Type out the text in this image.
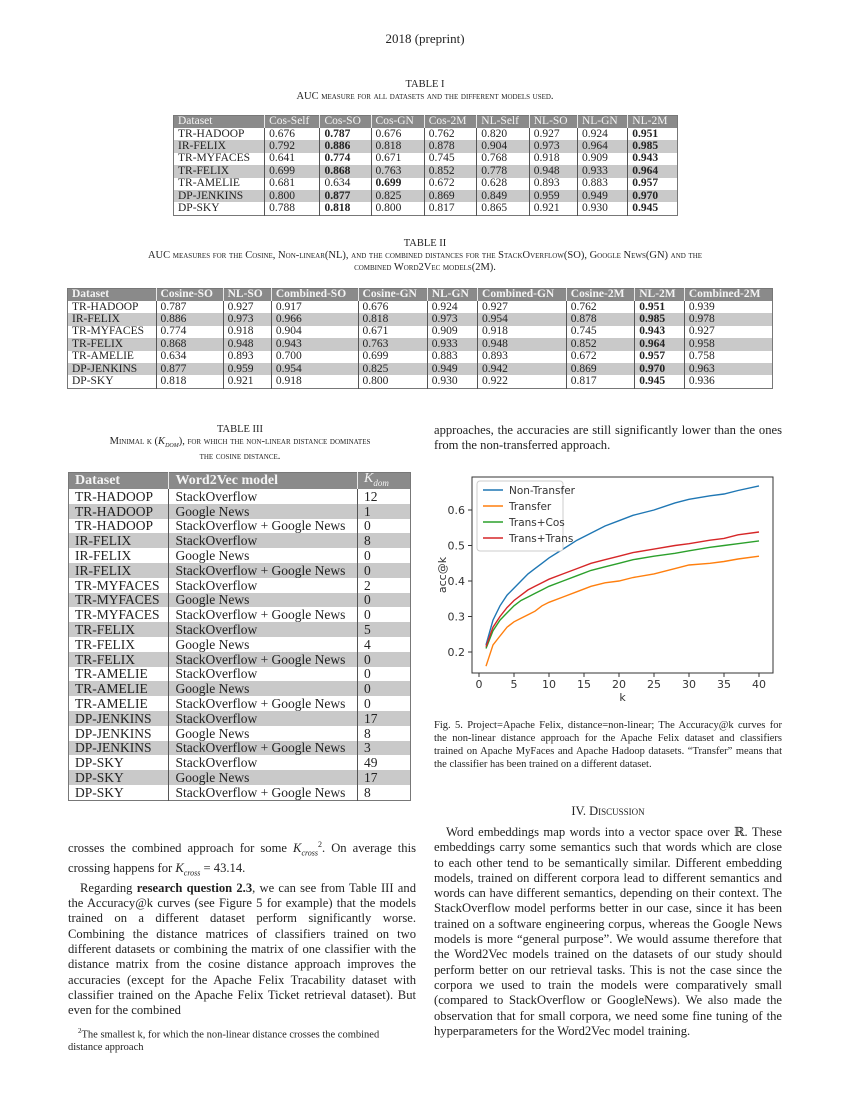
2018 (preprint)
TABLE I
AUC measure for all datasets and the different models used.
Dataset	Cos-Self	Cos-SO	Cos-GN	Cos-2M	NL-Self	NL-SO	NL-GN	NL-2M
TR-HADOOP	0.676	0.787	0.676	0.762	0.820	0.927	0.924	0.951
IR-FELIX	0.792	0.886	0.818	0.878	0.904	0.973	0.964	0.985
TR-MYFACES	0.641	0.774	0.671	0.745	0.768	0.918	0.909	0.943
TR-FELIX	0.699	0.868	0.763	0.852	0.778	0.948	0.933	0.964
TR-AMELIE	0.681	0.634	0.699	0.672	0.628	0.893	0.883	0.957
DP-JENKINS	0.800	0.877	0.825	0.869	0.849	0.959	0.949	0.970
DP-SKY	0.788	0.818	0.800	0.817	0.865	0.921	0.930	0.945
TABLE II
AUC measures for the Cosine, Non-linear(NL), and the combined distances for the StackOverflow(SO), Google News(GN) and the
combined Word2Vec models(2M).
Dataset	Cosine-SO	NL-SO	Combined-SO	Cosine-GN	NL-GN	Combined-GN	Cosine-2M	NL-2M	Combined-2M
TR-HADOOP	0.787	0.927	0.917	0.676	0.924	0.927	0.762	0.951	0.939
IR-FELIX	0.886	0.973	0.966	0.818	0.973	0.954	0.878	0.985	0.978
TR-MYFACES	0.774	0.918	0.904	0.671	0.909	0.918	0.745	0.943	0.927
TR-FELIX	0.868	0.948	0.943	0.763	0.933	0.948	0.852	0.964	0.958
TR-AMELIE	0.634	0.893	0.700	0.699	0.883	0.893	0.672	0.957	0.758
DP-JENKINS	0.877	0.959	0.954	0.825	0.949	0.942	0.869	0.970	0.963
DP-SKY	0.818	0.921	0.918	0.800	0.930	0.922	0.817	0.945	0.936
TABLE III
Minimal k $(K_{dom})$, for which the non-linear distance dominates
the cosine distance.
Dataset	Word2Vec model	$K_{dom}$
TR-HADOOP	StackOverflow	12
TR-HADOOP	Google News	1
TR-HADOOP	StackOverflow + Google News	0
IR-FELIX	StackOverflow	8
IR-FELIX	Google News	0
IR-FELIX	StackOverflow + Google News	0
TR-MYFACES	StackOverflow	2
TR-MYFACES	Google News	0
TR-MYFACES	StackOverflow + Google News	0
TR-FELIX	StackOverflow	5
TR-FELIX	Google News	4
TR-FELIX	StackOverflow + Google News	0
TR-AMELIE	StackOverflow	0
TR-AMELIE	Google News	0
TR-AMELIE	StackOverflow + Google News	0
DP-JENKINS	StackOverflow	17
DP-JENKINS	Google News	8
DP-JENKINS	StackOverflow + Google News	3
DP-SKY	StackOverflow	49
DP-SKY	Google News	17
DP-SKY	StackOverflow + Google News	8
crosses the combined approach for some $K_{cross}^2$. On average this crossing happens for $K_{cross} = 43.14$.
Regarding research question 2.3, we can see from Table III and the Accuracy@k curves (see Figure 5 for example) that the models trained on a different dataset perform significantly worse. Combining the distance matrices of classifiers trained on two different datasets or combining the matrix of one classifier with the distance matrix from the cosine distance approach improves the accuracies (except for the Apache Felix Tracability dataset with classifier trained on the Apache Felix Ticket retrieval dataset). But even for the combined
$^2$The smallest k, for which the non-linear distance crosses the combined distance approach
approaches, the accuracies are still significantly lower than the ones from the non-transferred approach.
0	5 10 15 20 25 30 35 40
0.2
0.3
0.4
0.5
0.6
k
acc@k
Non-Transfer
Transfer
Trans+Cos
Trans+Trans
Fig. 5. Project=Apache Felix, distance=non-linear; The Accuracy@k curves for the non-linear distance approach for the Apache Felix dataset and classifiers trained on Apache MyFaces and Apache Hadoop datasets. “Transfer” means that the classifier has been trained on a different dataset.
IV. Discussion
Word embeddings map words into a vector space over ℝ. These embeddings carry some semantics such that words which are close to each other tend to be semantically similar. Different embedding models, trained on different corpora lead to different semantics and words can have different semantics, depending on their context. The StackOverflow model performs better in our case, since it has been trained on a software engineering corpus, whereas the Google News models is more “general purpose”. We would assume therefore that the Word2Vec models trained on the datasets of our study should perform better on our retrieval tasks. This is not the case since the corpora we used to train the models were comparatively small (compared to StackOverflow or GoogleNews). We also made the observation that for small corpora, we need some fine tuning of the hyperparameters for the Word2Vec model training.
